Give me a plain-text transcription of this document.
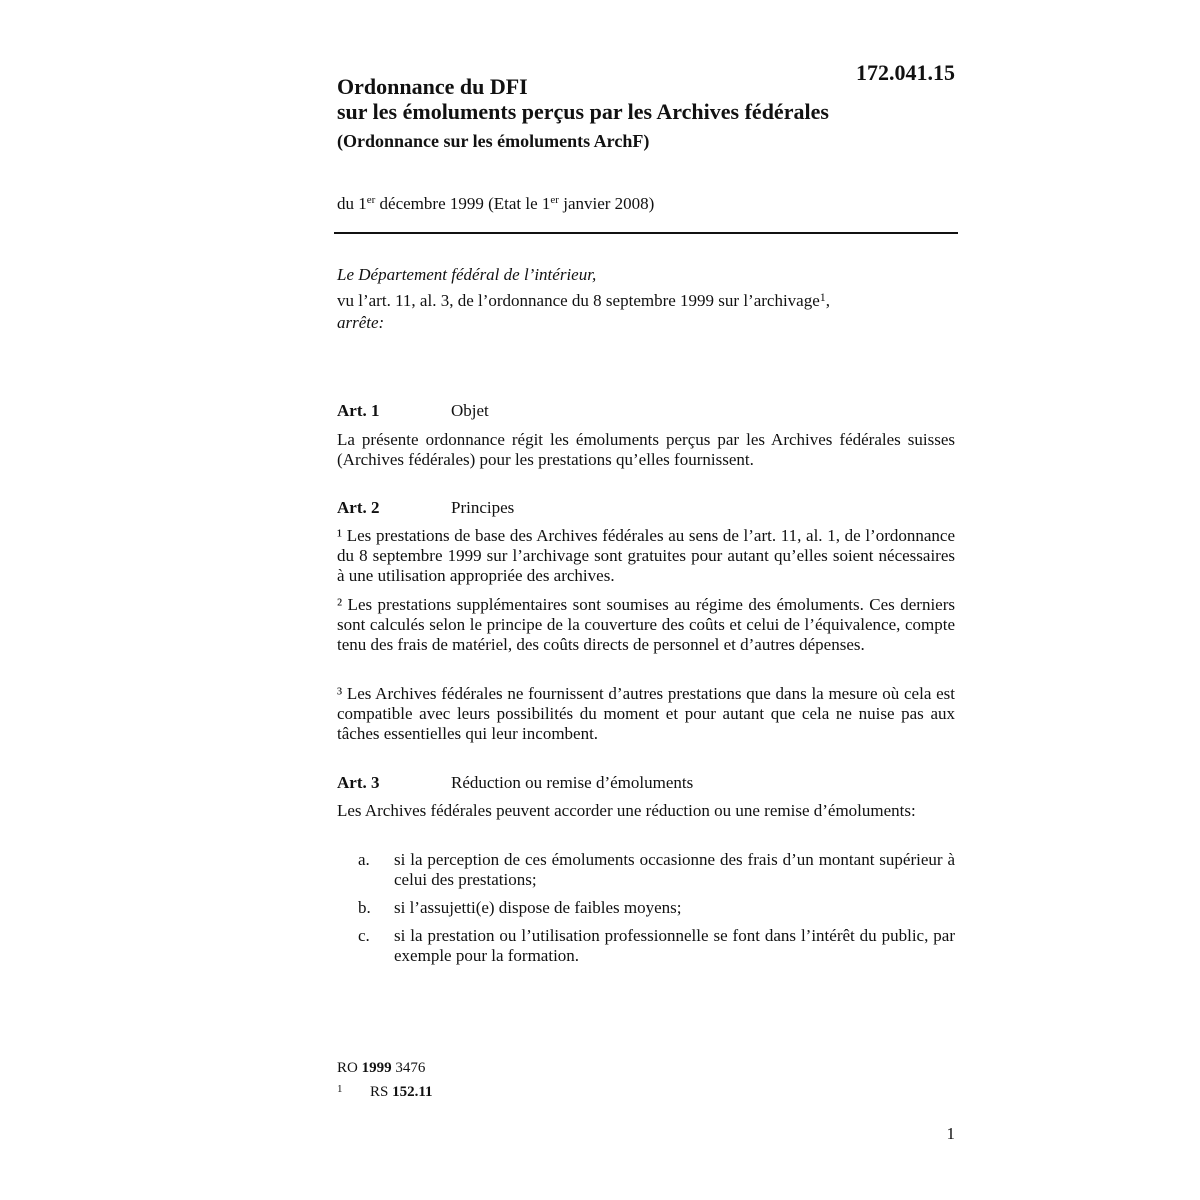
172.041.15
Ordonnance du DFI
sur les émoluments perçus par les Archives fédérales
(Ordonnance sur les émoluments ArchF)
du 1er décembre 1999 (Etat le 1er janvier 2008)
Le Département fédéral de l’intérieur,
vu l’art. 11, al. 3, de l’ordonnance du 8 septembre 1999 sur l’archivage$^1$,
arrête:
Art. 1	Objet
La présente ordonnance régit les émoluments perçus par les Archives fédérales suisses (Archives fédérales) pour les prestations qu’elles fournissent.
Art. 2	Principes
¹ Les prestations de base des Archives fédérales au sens de l’art. 11, al. 1, de l’ordonnance du 8 septembre 1999 sur l’archivage sont gratuites pour autant qu’elles soient nécessaires à une utilisation appropriée des archives.
² Les prestations supplémentaires sont soumises au régime des émoluments. Ces derniers sont calculés selon le principe de la couverture des coûts et celui de l’équivalence, compte tenu des frais de matériel, des coûts directs de personnel et d’autres dépenses.
³ Les Archives fédérales ne fournissent d’autres prestations que dans la mesure où cela est compatible avec leurs possibilités du moment et pour autant que cela ne nuise pas aux tâches essentielles qui leur incombent.
Art. 3	Réduction ou remise d’émoluments
Les Archives fédérales peuvent accorder une réduction ou une remise d’émoluments:
a. si la perception de ces émoluments occasionne des frais d’un montant supérieur à celui des prestations;
b. si l’assujetti(e) dispose de faibles moyens;
c. si la prestation ou l’utilisation professionnelle se font dans l’intérêt du public, par exemple pour la formation.
RO 1999 3476
1 RS 152.11
1
